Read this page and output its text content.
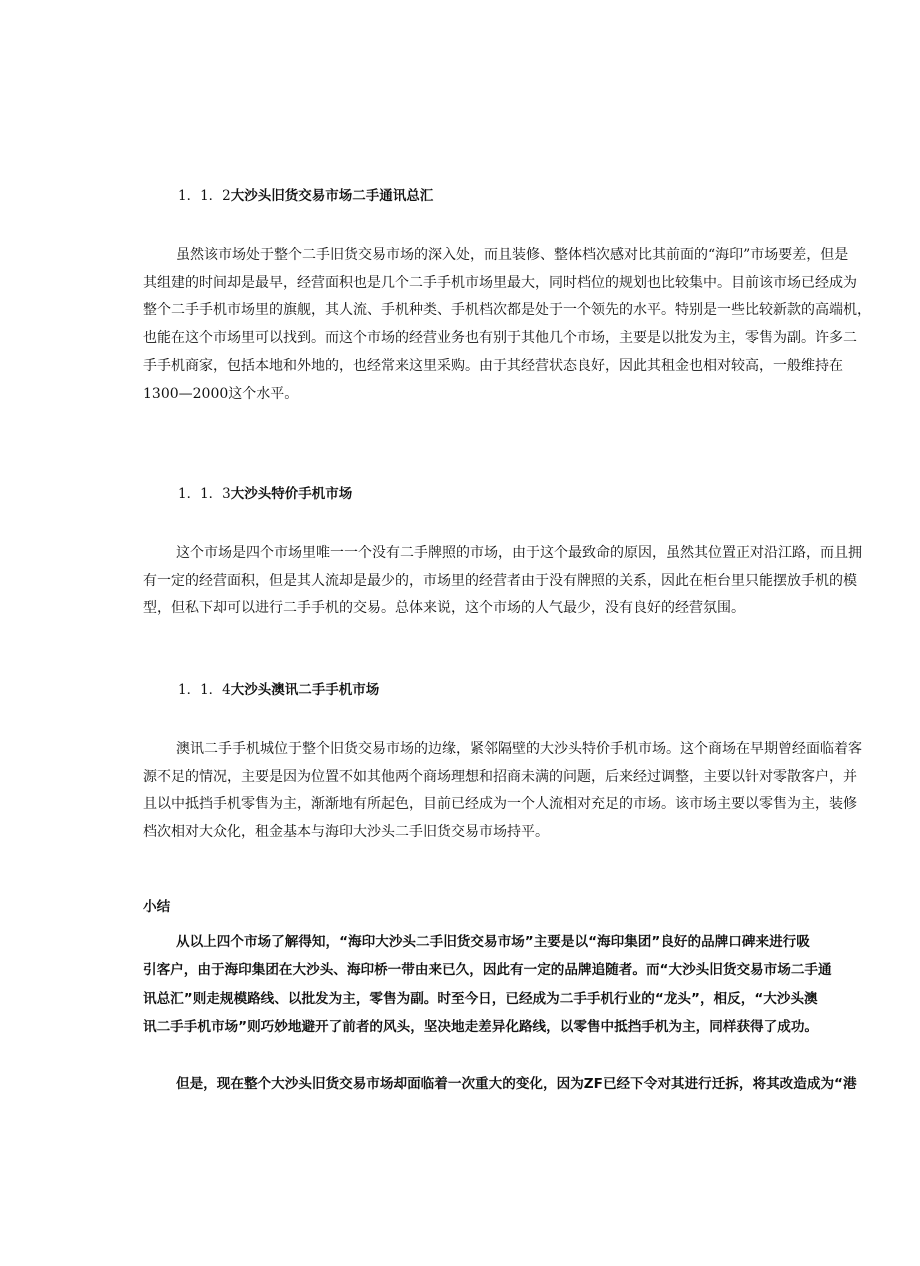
1．1．2大沙头旧货交易市场二手通讯总汇

虽然该市场处于整个二手旧货交易市场的深入处，而且装修、整体档次感对比其前面的“海印”市场要差，但是
其组建的时间却是最早，经营面积也是几个二手手机市场里最大，同时档位的规划也比较集中。目前该市场已经成为
整个二手手机市场里的旗舰，其人流、手机种类、手机档次都是处于一个领先的水平。特别是一些比较新款的高端机，
也能在这个市场里可以找到。而这个市场的经营业务也有别于其他几个市场，主要是以批发为主，零售为副。许多二
手手机商家，包括本地和外地的，也经常来这里采购。由于其经营状态良好，因此其租金也相对较高，一般维持在
1300—2000这个水平。

1．1．3大沙头特价手机市场

这个市场是四个市场里唯一一个没有二手牌照的市场，由于这个最致命的原因，虽然其位置正对沿江路，而且拥
有一定的经营面积，但是其人流却是最少的，市场里的经营者由于没有牌照的关系，因此在柜台里只能摆放手机的模
型，但私下却可以进行二手手机的交易。总体来说，这个市场的人气最少，没有良好的经营氛围。

1．1．4大沙头澳讯二手手机市场

澳讯二手手机城位于整个旧货交易市场的边缘，紧邻隔壁的大沙头特价手机市场。这个商场在早期曾经面临着客
源不足的情况，主要是因为位置不如其他两个商场理想和招商未满的问题，后来经过调整，主要以针对零散客户，并
且以中抵挡手机零售为主，渐渐地有所起色，目前已经成为一个人流相对充足的市场。该市场主要以零售为主，装修
档次相对大众化，租金基本与海印大沙头二手旧货交易市场持平。

小结

从以上四个市场了解得知，“海印大沙头二手旧货交易市场”主要是以“海印集团”良好的品牌口碑来进行吸
引客户，由于海印集团在大沙头、海印桥一带由来已久，因此有一定的品牌追随者。而“大沙头旧货交易市场二手通
讯总汇”则走规模路线、以批发为主，零售为副。时至今日，已经成为二手手机行业的“龙头”，相反，“大沙头澳
讯二手手机市场”则巧妙地避开了前者的风头，坚决地走差异化路线，以零售中抵挡手机为主，同样获得了成功。

但是，现在整个大沙头旧货交易市场却面临着一次重大的变化，因为ZF已经下令对其进行迁拆，将其改造成为“港
